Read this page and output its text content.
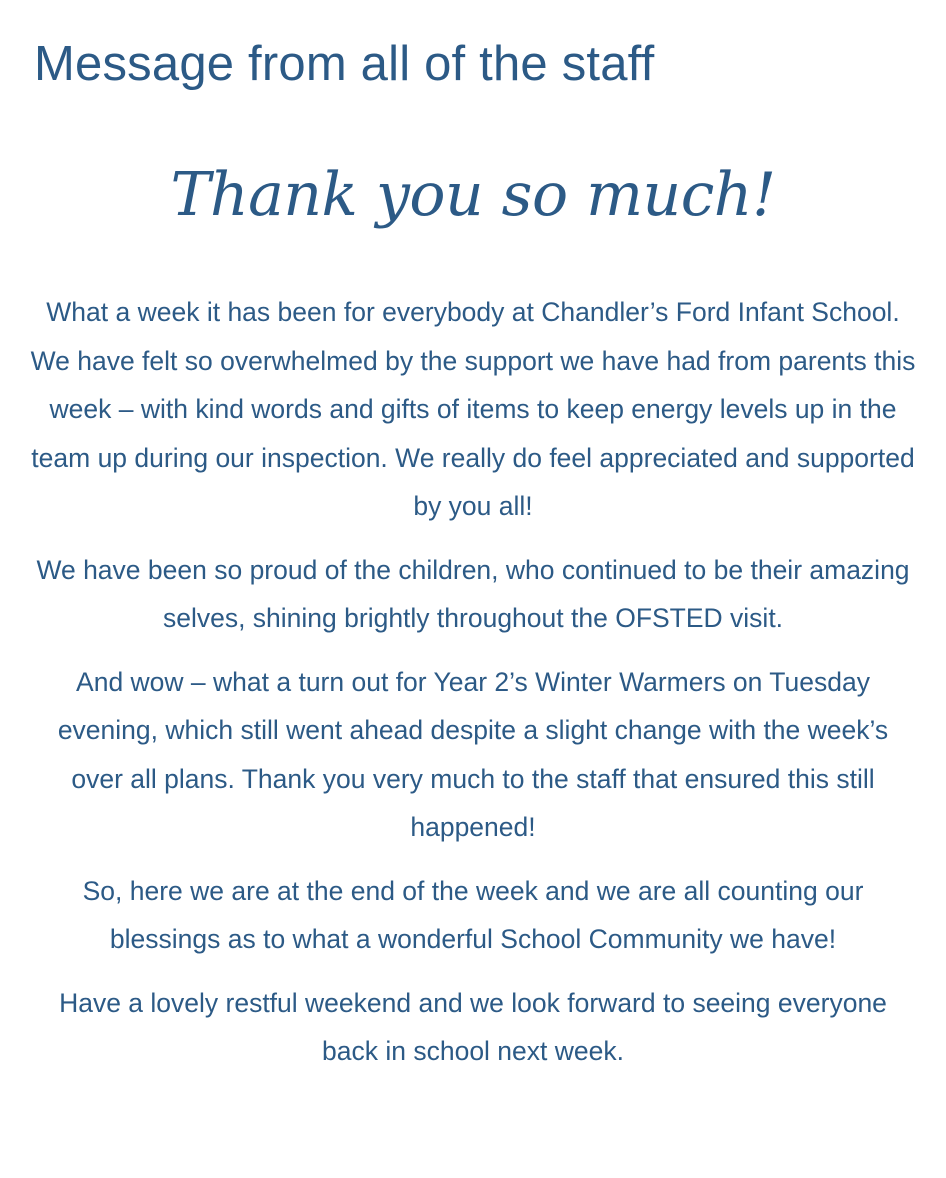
Message from all of the staff
Thank you so much!

What a week it has been for everybody at Chandler’s Ford Infant School. We have felt so overwhelmed by the support we have had from parents this week – with kind words and gifts of items to keep energy levels up in the team up during our inspection. We really do feel appreciated and supported by you all!

We have been so proud of the children, who continued to be their amazing selves, shining brightly throughout the OFSTED visit.

And wow – what a turn out for Year 2’s Winter Warmers on Tuesday evening, which still went ahead despite a slight change with the week’s over all plans. Thank you very much to the staff that ensured this still happened!

So, here we are at the end of the week and we are all counting our blessings as to what a wonderful School Community we have!

Have a lovely restful weekend and we look forward to seeing everyone back in school next week.
